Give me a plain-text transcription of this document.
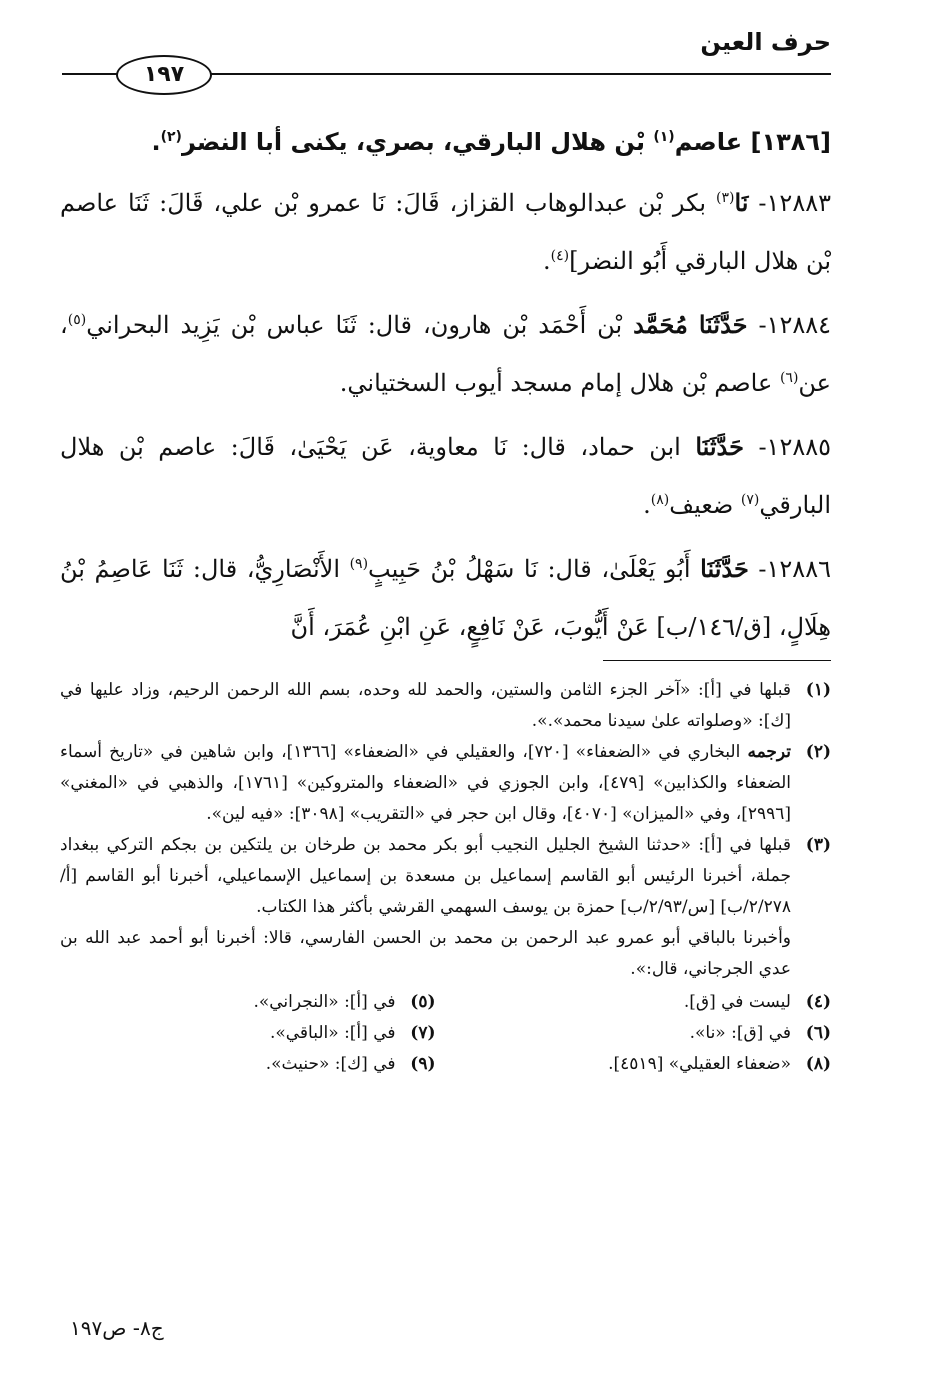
حرف العين
١٩٧

[١٣٨٦] عاصم$^{(١)}$ بْن هلال البارقي، بصري، يكنى أبا النضر$^{(٢)}$.

١٢٨٨٣- نَا$^{(٣)}$ بكر بْن عبدالوهاب القزاز، قَالَ: نَا عمرو بْن علي، قَالَ: ثَنَا عاصم بْن هلال البارقي أَبُو النضر]$^{(٤)}$.

١٢٨٨٤- حَدَّثَنَا مُحَمَّد بْن أَحْمَد بْن هارون، قال: ثَنَا عباس بْن يَزِيد البحراني$^{(٥)}$، عن$^{(٦)}$ عاصم بْن هلال إمام مسجد أيوب السختياني.

١٢٨٨٥- حَدَّثَنَا ابن حماد، قال: نَا معاوية، عَن يَحْيَىٰ، قَالَ: عاصم بْن هلال البارقي$^{(٧)}$ ضعيف$^{(٨)}$.

١٢٨٨٦- حَدَّثَنَا أَبُو يَعْلَىٰ، قال: نَا سَهْلُ بْنُ حَبِيبٍ$^{(٩)}$ الأَنْصَارِيُّ، قال: ثَنَا عَاصِمُ بْنُ هِلَالٍ، [ق/١٤٦/ب] عَنْ أَيُّوبَ، عَنْ نَافِعٍ، عَنِ ابْنِ عُمَرَ، أَنَّ

(١)
قبلها في [أ]: «آخر الجزء الثامن والستين، والحمد لله وحده، بسم الله الرحمن الرحيم، وزاد عليها في [ك]: «وصلواته علىٰ سيدنا محمد».».

(٢)
ترجمه البخاري في «الضعفاء» [٧٢٠]، والعقيلي في «الضعفاء» [١٣٦٦]، وابن شاهين في «تاريخ أسماء الضعفاء والكذابين» [٤٧٩]، وابن الجوزي في «الضعفاء والمتروكين» [١٧٦١]، والذهبي في «المغني» [٢٩٩٦]، وفي «الميزان» [٤٠٧٠]، وقال ابن حجر في «التقريب» [٣٠٩٨]: «فيه لين».

(٣)
قبلها في [أ]: «حدثنا الشيخ الجليل النجيب أبو بكر محمد بن طرخان بن يلتكين بن بجكم التركي ببغداد جملة، أخبرنا الرئيس أبو القاسم إسماعيل بن مسعدة بن إسماعيل الإسماعيلي، أخبرنا أبو القاسم [أ/٢/٢٧٨/ب] [س/٢/٩٣/ب] حمزة بن يوسف السهمي القرشي بأكثر هذا الكتاب.

وأخبرنا بالباقي أبو عمرو عبد الرحمن بن محمد بن الحسن الفارسي، قالا: أخبرنا أبو أحمد عبد الله بن عدي الجرجاني، قال:».

(٤)
ليست في [ق].

(٥)
في [أ]: «النجراني».

(٦)
في [ق]: «نا».

(٧)
في [أ]: «الباقي».

(٨)
«ضعفاء العقيلي» [٤٥١٩].

(٩)
في [ك]: «حنيث».

ج٨- ص١٩٧
